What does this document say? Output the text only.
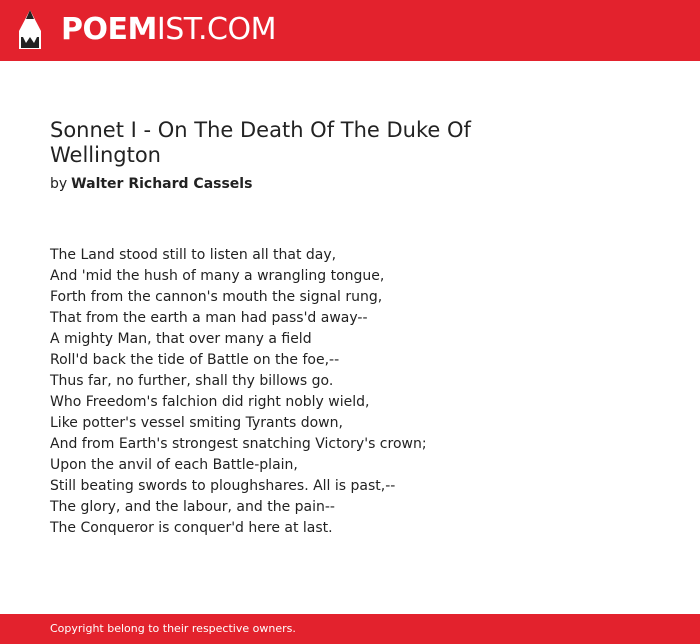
POEMIST.COM
Sonnet I - On The Death Of The Duke Of Wellington
by Walter Richard Cassels
The Land stood still to listen all that day,
And 'mid the hush of many a wrangling tongue,
Forth from the cannon's mouth the signal rung,
That from the earth a man had pass'd away--
A mighty Man, that over many a field
Roll'd back the tide of Battle on the foe,--
Thus far, no further, shall thy billows go.
Who Freedom's falchion did right nobly wield,
Like potter's vessel smiting Tyrants down,
And from Earth's strongest snatching Victory's crown;
Upon the anvil of each Battle-plain,
Still beating swords to ploughshares. All is past,--
The glory, and the labour, and the pain--
The Conqueror is conquer'd here at last.
Copyright belong to their respective owners.
